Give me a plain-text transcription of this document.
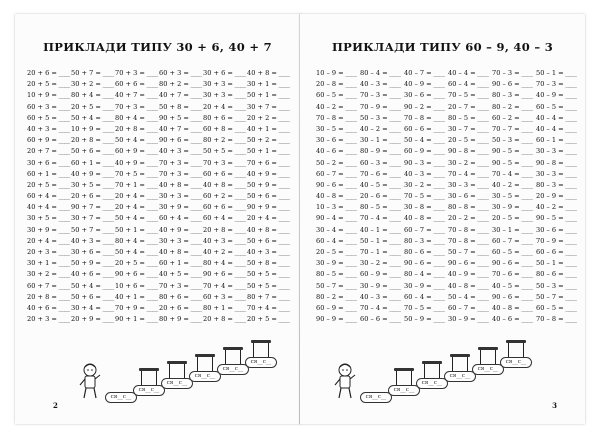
ПРИКЛАДИ ТИПУ 30 + 6, 40 + 7
20 + 6 = ____
20 + 5 = ____
10 + 9 = ____
60 + 3 = ____
60 + 5 = ____
40 + 3 = ____
60 + 9 = ____
20 + 7 = ____
30 + 6 = ____
60 + 1 = ____
20 + 5 = ____
60 + 4 = ____
40 + 4 = ____
30 + 5 = ____
30 + 9 = ____
20 + 4 = ____
20 + 3 = ____
30 + 1 = ____
30 + 2 = ____
60 + 7 = ____
20 + 8 = ____
40 + 6 = ____
20 + 3 = ____
50 + 7 = ____
30 + 2 = ____
80 + 4 = ____
20 + 5 = ____
50 + 4 = ____
10 + 9 = ____
20 + 8 = ____
50 + 6 = ____
60 + 1 = ____
40 + 9 = ____
30 + 5 = ____
20 + 6 = ____
90 + 7 = ____
30 + 7 = ____
50 + 7 = ____
40 + 3 = ____
30 + 6 = ____
50 + 9 = ____
40 + 6 = ____
50 + 4 = ____
50 + 6 = ____
30 + 4 = ____
20 + 9 = ____
70 + 3 = ____
60 + 6 = ____
40 + 7 = ____
70 + 3 = ____
80 + 4 = ____
20 + 8 = ____
50 + 4 = ____
60 + 9 = ____
40 + 9 = ____
70 + 5 = ____
70 + 1 = ____
20 + 4 = ____
20 + 4 = ____
50 + 4 = ____
50 + 1 = ____
80 + 4 = ____
50 + 4 = ____
20 + 5 = ____
90 + 6 = ____
10 + 6 = ____
40 + 1 = ____
70 + 9 = ____
90 + 1 = ____
60 + 3 = ____
80 + 2 = ____
40 + 7 = ____
50 + 8 = ____
90 + 5 = ____
40 + 7 = ____
90 + 6 = ____
40 + 3 = ____
70 + 3 = ____
70 + 3 = ____
40 + 8 = ____
30 + 3 = ____
30 + 9 = ____
60 + 4 = ____
40 + 9 = ____
30 + 3 = ____
40 + 8 = ____
60 + 1 = ____
40 + 5 = ____
70 + 3 = ____
80 + 6 = ____
20 + 6 = ____
80 + 9 = ____
30 + 6 = ____
30 + 3 = ____
30 + 3 = ____
20 + 4 = ____
80 + 6 = ____
60 + 8 = ____
80 + 2 = ____
50 + 5 = ____
70 + 3 = ____
60 + 6 = ____
40 + 8 = ____
60 + 2 = ____
60 + 6 = ____
60 + 4 = ____
20 + 8 = ____
40 + 3 = ____
40 + 2 = ____
80 + 4 = ____
90 + 6 = ____
70 + 4 = ____
60 + 3 = ____
80 + 1 = ____
20 + 8 = ____
40 + 8 = ____
30 + 1 = ____
50 + 1 = ____
30 + 7 = ____
20 + 2 = ____
40 + 1 = ____
50 + 2 = ____
50 + 1 = ____
70 + 6 = ____
40 + 9 = ____
50 + 9 = ____
50 + 6 = ____
90 + 9 = ____
20 + 4 = ____
40 + 8 = ____
50 + 6 = ____
40 + 3 = ____
50 + 8 = ____
50 + 5 = ____
50 + 5 = ____
80 + 7 = ____
70 + 4 = ____
20 + 5 = ____
ся__с__
ся__с__
ся__с__
ся__с__
ся__с__
ся__с__
2
ПРИКЛАДИ ТИПУ 60 – 9, 40 – 3
10 – 9 = ____
20 – 8 = ____
60 – 5 = ____
40 – 2 = ____
70 – 8 = ____
30 – 5 = ____
30 – 6 = ____
40 – 6 = ____
50 – 2 = ____
60 – 7 = ____
90 – 6 = ____
40 – 8 = ____
10 – 3 = ____
90 – 4 = ____
30 – 4 = ____
60 – 4 = ____
20 – 5 = ____
30 – 9 = ____
80 – 5 = ____
50 – 7 = ____
80 – 2 = ____
60 – 9 = ____
90 – 9 = ____
80 – 4 = ____
40 – 3 = ____
70 – 3 = ____
70 – 9 = ____
50 – 3 = ____
40 – 2 = ____
30 – 1 = ____
80 – 9 = ____
60 – 3 = ____
70 – 6 = ____
40 – 5 = ____
20 – 6 = ____
80 – 5 = ____
70 – 4 = ____
40 – 1 = ____
50 – 1 = ____
70 – 1 = ____
30 – 2 = ____
60 – 9 = ____
30 – 9 = ____
40 – 3 = ____
70 – 4 = ____
60 – 6 = ____
40 – 7 = ____
40 – 9 = ____
30 – 6 = ____
90 – 2 = ____
70 – 8 = ____
60 – 6 = ____
50 – 4 = ____
60 – 9 = ____
90 – 3 = ____
40 – 3 = ____
30 – 2 = ____
70 – 5 = ____
30 – 8 = ____
40 – 8 = ____
60 – 7 = ____
80 – 3 = ____
80 – 6 = ____
90 – 6 = ____
80 – 4 = ____
30 – 9 = ____
60 – 4 = ____
70 – 5 = ____
50 – 9 = ____
40 – 4 = ____
60 – 4 = ____
70 – 5 = ____
20 – 7 = ____
80 – 5 = ____
30 – 7 = ____
20 – 5 = ____
90 – 8 = ____
30 – 2 = ____
70 – 4 = ____
30 – 3 = ____
30 – 6 = ____
80 – 8 = ____
20 – 2 = ____
70 – 8 = ____
70 – 8 = ____
50 – 7 = ____
90 – 6 = ____
40 – 9 = ____
40 – 8 = ____
50 – 4 = ____
60 – 7 = ____
30 – 9 = ____
70 – 3 = ____
90 – 6 = ____
80 – 3 = ____
80 – 2 = ____
60 – 2 = ____
70 – 7 = ____
50 – 3 = ____
90 – 5 = ____
90 – 5 = ____
70 – 4 = ____
40 – 2 = ____
30 – 5 = ____
30 – 9 = ____
20 – 5 = ____
30 – 1 = ____
60 – 7 = ____
60 – 5 = ____
90 – 6 = ____
70 – 6 = ____
40 – 5 = ____
90 – 6 = ____
40 – 8 = ____
40 – 6 = ____
50 – 1 = ____
70 – 3 = ____
40 – 9 = ____
60 – 5 = ____
40 – 4 = ____
40 – 4 = ____
60 – 1 = ____
30 – 3 = ____
90 – 8 = ____
30 – 3 = ____
80 – 3 = ____
20 – 9 = ____
40 – 2 = ____
90 – 5 = ____
30 – 6 = ____
70 – 9 = ____
60 – 6 = ____
50 – 1 = ____
80 – 6 = ____
50 – 3 = ____
50 – 7 = ____
60 – 5 = ____
70 – 8 = ____
ся__с__
ся__с__
ся__с__
ся__с__
ся__с__
ся__с__
3
